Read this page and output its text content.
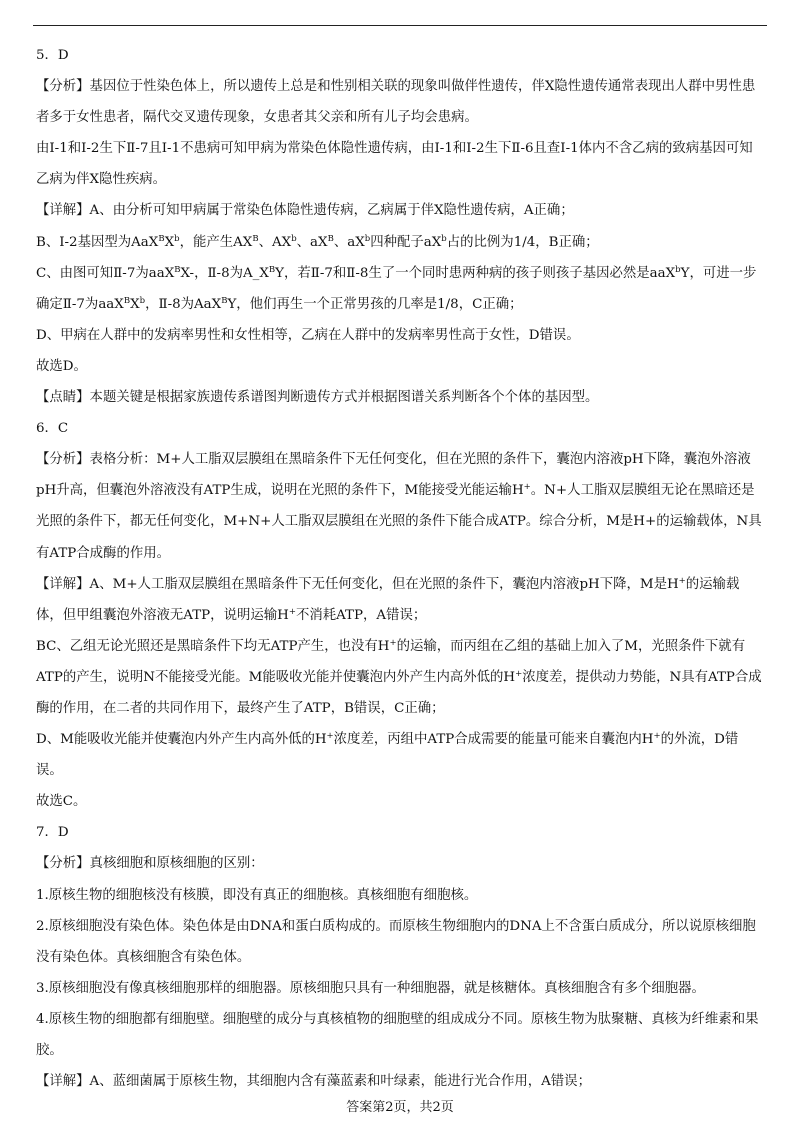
5．D

【分析】基因位于性染色体上，所以遗传上总是和性别相关联的现象叫做伴性遗传，伴X隐性遗传通常表现出人群中男性患者多于女性患者，隔代交叉遗传现象，女患者其父亲和所有儿子均会患病。

由Ⅰ-1和Ⅰ-2生下Ⅱ-7且Ⅰ-1不患病可知甲病为常染色体隐性遗传病，由Ⅰ-1和Ⅰ-2生下Ⅱ-6且查Ⅰ-1体内不含乙病的致病基因可知乙病为伴X隐性疾病。

【详解】A、由分析可知甲病属于常染色体隐性遗传病，乙病属于伴X隐性遗传病，A正确；

B、Ⅰ-2基因型为$AaX^BX^b$，能产生$AX^B$、$AX^b$、$aX^B$、$aX^b$四种配子$aX^b$占的比例为1/4，B正确；

C、由图可知Ⅱ-7为aaX$^B$X-，Ⅱ-8为$A\_X^BY$，若Ⅱ-7和Ⅱ-8生了一个同时患两种病的孩子则孩子基因必然是aaX$^b$Y，可进一步确定Ⅱ-7为$aaX^BX^b$，Ⅱ-8为AaX$^B$Y，他们再生一个正常男孩的几率是1/8，C正确；

D、甲病在人群中的发病率男性和女性相等，乙病在人群中的发病率男性高于女性，D错误。

故选D。

【点睛】本题关键是根据家族遗传系谱图判断遗传方式并根据图谱关系判断各个个体的基因型。

6．C

【分析】表格分析：M+人工脂双层膜组在黑暗条件下无任何变化，但在光照的条件下，囊泡内溶液pH下降，囊泡外溶液pH升高，但囊泡外溶液没有ATP生成，说明在光照的条件下，M能接受光能运输H+。N+人工脂双层膜组无论在黑暗还是光照的条件下，都无任何变化，M+N+人工脂双层膜组在光照的条件下能合成ATP。综合分析，M是H+的运输载体，N具有ATP合成酶的作用。

【详解】A、M+人工脂双层膜组在黑暗条件下无任何变化，但在光照的条件下，囊泡内溶液pH下降，M是H+的运输载体，但甲组囊泡外溶液无ATP，说明运输H+不消耗ATP，A错误；

BC、乙组无论光照还是黑暗条件下均无ATP产生，也没有H+的运输，而丙组在乙组的基础上加入了M，光照条件下就有ATP的产生，说明N不能接受光能。M能吸收光能并使囊泡内外产生内高外低的H+浓度差，提供动力势能，N具有ATP合成酶的作用，在二者的共同作用下，最终产生了ATP，B错误，C正确；

D、M能吸收光能并使囊泡内外产生内高外低的H+浓度差，丙组中ATP合成需要的能量可能来自囊泡内H+的外流，D错误。

故选C。

7．D

【分析】真核细胞和原核细胞的区别：

1.原核生物的细胞核没有核膜，即没有真正的细胞核。真核细胞有细胞核。

2.原核细胞没有染色体。染色体是由DNA和蛋白质构成的。而原核生物细胞内的DNA上不含蛋白质成分，所以说原核细胞没有染色体。真核细胞含有染色体。

3.原核细胞没有像真核细胞那样的细胞器。原核细胞只具有一种细胞器，就是核糖体。真核细胞含有多个细胞器。

4.原核生物的细胞都有细胞壁。细胞壁的成分与真核植物的细胞壁的组成成分不同。原核生物为肽聚糖、真核为纤维素和果胶。

【详解】A、蓝细菌属于原核生物，其细胞内含有藻蓝素和叶绿素，能进行光合作用，A错误；

答案第2页，共2页
